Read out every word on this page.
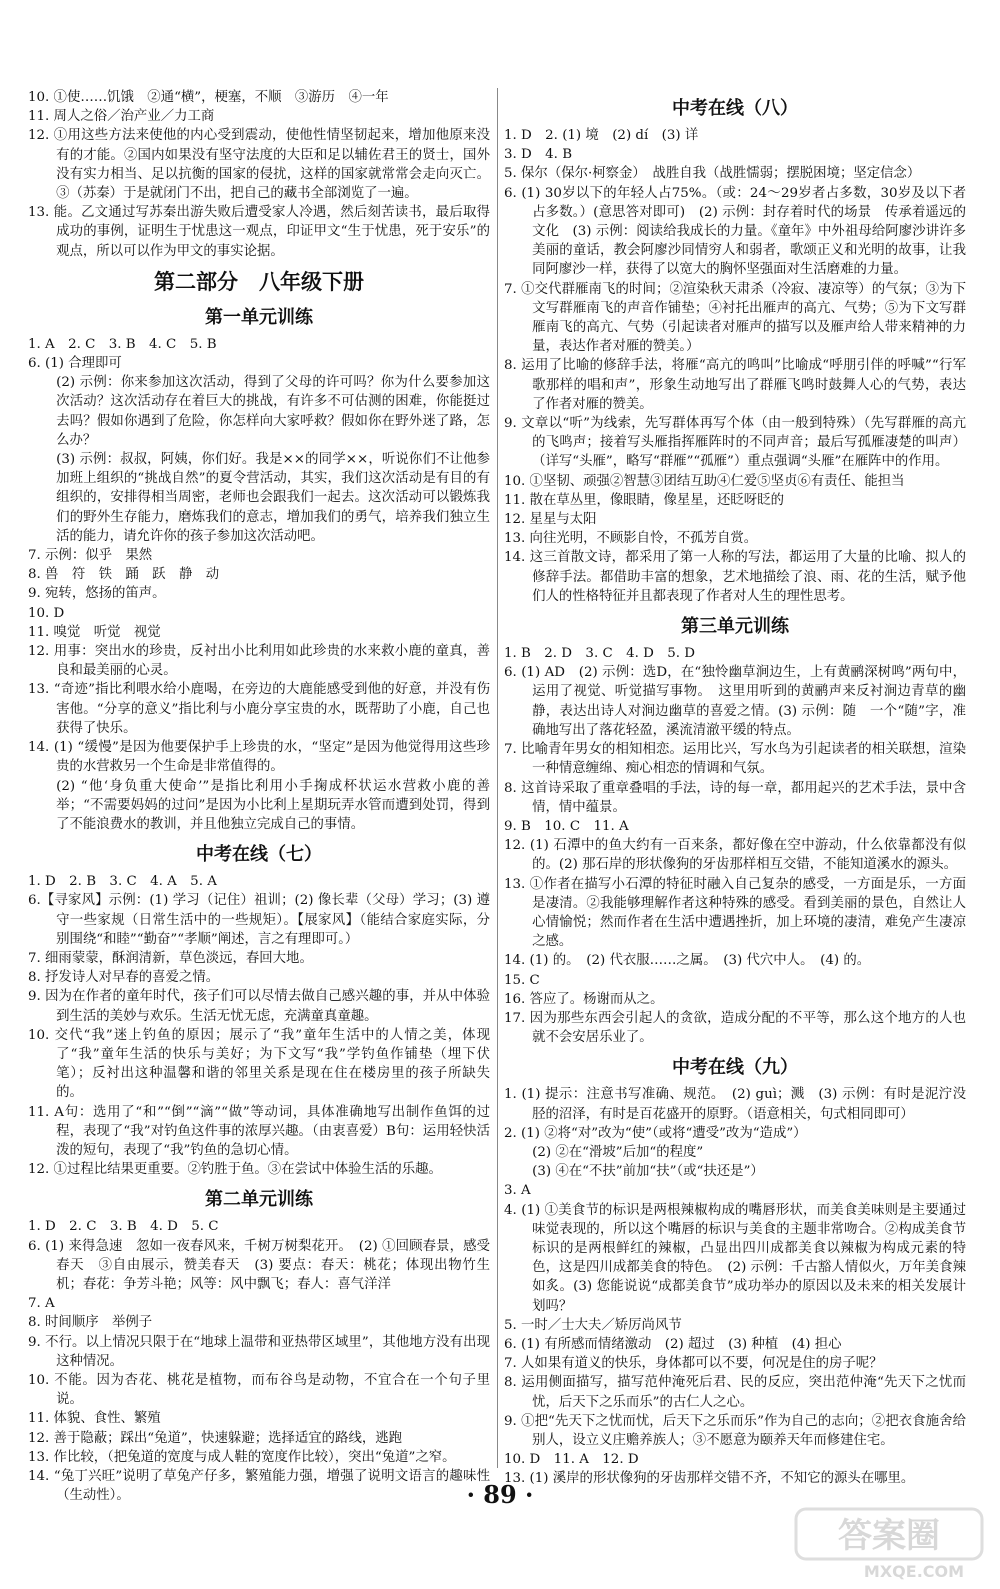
10. ①使……饥饿　②通“横”，梗塞，不顺　③游历　④一年
11. 周人之俗／治产业／力工商
12. ①用这些方法来使他的内心受到震动，使他性情坚韧起来，增加他原来没有的才能。②国内如果没有坚守法度的大臣和足以辅佐君王的贤士，国外没有实力相当、足以抗衡的国家的侵扰，这样的国家就常常会走向灭亡。③（苏秦）于是就闭门不出，把自己的藏书全部浏览了一遍。
13. 能。乙文通过写苏秦出游失败后遭受家人冷遇，然后刻苦读书，最后取得成功的事例，证明生于忧患这一观点，印证甲文“生于忧患，死于安乐”的观点，所以可以作为甲文的事实论据。
第二部分　八年级下册
第一单元训练
1. A　2. C　3. B　4. C　5. B
6. (1) 合理即可
(2) 示例：你来参加这次活动，得到了父母的许可吗？你为什么要参加这次活动？这次活动存在着巨大的挑战，有许多不可估测的困难，你能挺过去吗？假如你遇到了危险，你怎样向大家呼救？假如你在野外迷了路，怎么办？
(3) 示例：叔叔，阿姨，你们好。我是××的同学××，听说你们不让他参加班上组织的“挑战自然”的夏令营活动，其实，我们这次活动是有目的有组织的，安排得相当周密，老师也会跟我们一起去。这次活动可以锻炼我们的野外生存能力，磨炼我们的意志，增加我们的勇气，培养我们独立生活的能力，请允许你的孩子参加这次活动吧。
7. 示例：似乎　果然
8. 兽　符　铁　踊　跃　静　动
9. 宛转，悠扬的笛声。
10. D
11. 嗅觉　听觉　视觉
12. 用事：突出水的珍贵，反衬出小比利用如此珍贵的水来救小鹿的童真，善良和最美丽的心灵。
13. “奇迹”指比利喂水给小鹿喝，在旁边的大鹿能感受到他的好意，并没有伤害他。“分享的意义”指比利与小鹿分享宝贵的水，既帮助了小鹿，自己也获得了快乐。
14. (1) “缓慢”是因为他要保护手上珍贵的水，“坚定”是因为他觉得用这些珍贵的水营救另一个生命是非常值得的。
(2) “他‘身负重大使命’”是指比利用小手掬成杯状运水营救小鹿的善举；“不需要妈妈的过问”是因为小比利上星期玩弄水管而遭到处罚，得到了不能浪费水的教训，并且他独立完成自己的事情。
中考在线（七）
1. D　2. B　3. C　4. A　5. A
6.【寻家风】示例：(1) 学习（记住）祖训；(2) 像长辈（父母）学习；(3) 遵守一些家规（日常生活中的一些规矩）。【展家风】（能结合家庭实际，分别围绕“和睦”“勤奋”“孝顺”阐述，言之有理即可。）
7. 细雨蒙蒙，酥润清新，草色淡远，春回大地。
8. 抒发诗人对早春的喜爱之情。
9. 因为在作者的童年时代，孩子们可以尽情去做自己感兴趣的事，并从中体验到生活的美妙与欢乐。生活无忧无虑，充满童真童趣。
10. 交代“我”迷上钓鱼的原因；展示了“我”童年生活中的人情之美，体现了“我”童年生活的快乐与美好；为下文写“我”学钓鱼作铺垫（埋下伏笔）；反衬出这种温馨和谐的邻里关系是现在住在楼房里的孩子所缺失的。
11. A句：选用了“和”“倒”“滴”“做”等动词，具体准确地写出制作鱼饵的过程，表现了“我”对钓鱼这件事的浓厚兴趣。（由衷喜爱）B句：运用轻快活泼的短句，表现了“我”钓鱼的急切心情。
12. ①过程比结果更重要。②钓胜于鱼。③在尝试中体验生活的乐趣。
第二单元训练
1. D　2. C　3. B　4. D　5. C
6. (1) 来得急速　忽如一夜春风来，千树万树梨花开。　(2) ①回顾春景，感受春天　③自由展示，赞美春天　(3) 要点：春天：桃花；体现出物竹生机；春花：争芳斗艳；风等：风中飘飞；春人：喜气洋洋
7. A
8. 时间顺序　举例子
9. 不行。以上情况只限于在“地球上温带和亚热带区域里”，其他地方没有出现这种情况。
10. 不能。因为杏花、桃花是植物，而布谷鸟是动物，不宜合在一个句子里说。
11. 体貌、食性、繁殖
12. 善于隐蔽；踩出“兔道”，快速躲避；选择适宜的路线，逃跑
13. 作比较，（把兔道的宽度与成人鞋的宽度作比较），突出“兔道”之窄。
14. “兔丁兴旺”说明了草兔产仔多，繁殖能力强，增强了说明文语言的趣味性（生动性）。
中考在线（八）
1. D　2. (1) 境　(2) dí　(3) 详
3. D　4. B
5. 保尔（保尔·柯察金）　战胜自我（战胜懦弱；摆脱困境；坚定信念）
6. (1) 30岁以下的年轻人占75%。（或：24～29岁者占多数，30岁及以下者占多数。）(意思答对即可)　(2) 示例：封存着时代的场景　传承着遥远的文化　(3) 示例：阅读给我成长的力量。《童年》中外祖母给阿廖沙讲许多美丽的童话，教会阿廖沙同情穷人和弱者，歌颂正义和光明的故事，让我同阿廖沙一样，获得了以宽大的胸怀坚强面对生活磨难的力量。
7. ①交代群雁南飞的时间；②渲染秋天肃杀（冷寂、凄凉等）的气氛；③为下文写群雁南飞的声音作铺垫；④衬托出雁声的高亢、气势；⑤为下文写群雁南飞的高亢、气势（引起读者对雁声的描写以及雁声给人带来精神的力量，表达作者对雁的赞美。）
8. 运用了比喻的修辞手法，将雁“高亢的鸣叫”比喻成“呼朋引伴的呼喊”“行军歌那样的唱和声”，形象生动地写出了群雁飞鸣时鼓舞人心的气势，表达了作者对雁的赞美。
9. 文章以“听”为线索，先写群体再写个体（由一般到特殊）（先写群雁的高亢的飞鸣声；接着写头雁指挥雁阵时的不同声音；最后写孤雁凄楚的叫声）（详写“头雁”，略写“群雁”“孤雁”）重点强调“头雁”在雁阵中的作用。
10. ①坚韧、顽强②智慧③团结互助④仁爱⑤坚贞⑥有责任、能担当
11. 散在草丛里，像眼睛，像星星，还眨呀眨的
12. 星星与太阳
13. 向往光明，不顾影自怜，不孤芳自赏。
14. 这三首散文诗，都采用了第一人称的写法，都运用了大量的比喻、拟人的修辞手法。都借助丰富的想象，艺术地描绘了浪、雨、花的生活，赋予他们人的性格特征并且都表现了作者对人生的理性思考。
第三单元训练
1. B　2. D　3. C　4. D　5. D
6. (1) AD　(2) 示例：选D，在“独怜幽草涧边生，上有黄鹂深树鸣”两句中，运用了视觉、听觉描写事物。　这里用听到的黄鹂声来反衬涧边青草的幽静，表达出诗人对涧边幽草的喜爱之情。(3) 示例：随　一个“随”字，准确地写出了落花轻盈，溪流清澈平缓的特点。
7. 比喻青年男女的相知相恋。运用比兴，写水鸟为引起读者的相关联想，渲染一种情意缠绵、痴心相恋的情调和气氛。
8. 这首诗采取了重章叠唱的手法，诗的每一章，都用起兴的艺术手法，景中含情，情中蕴景。
9. B　10. C　11. A
12. (1) 石潭中的鱼大约有一百来条，都好像在空中游动，什么依靠都没有似的。(2) 那石岸的形状像狗的牙齿那样相互交错，不能知道溪水的源头。
13. ①作者在描写小石潭的特征时融入自己复杂的感受，一方面是乐，一方面是凄清。②我能够理解作者这种特殊的感受。看到美丽的景色，自然让人心情愉悦；然而作者在生活中遭遇挫折，加上环境的凄清，难免产生凄凉之感。
14. (1) 的。　(2) 代衣服……之属。　(3) 代穴中人。　(4) 的。
15. C
16. 答应了。杨谢而从之。
17. 因为那些东西会引起人的贪欲，造成分配的不平等，那么这个地方的人也就不会安居乐业了。
中考在线（九）
1. (1) 提示：注意书写准确、规范。　(2) guì；溅　(3) 示例：有时是泥泞没胫的沼泽，有时是百花盛开的原野。（语意相关，句式相同即可）
2. (1) ②将“对”改为“使”（或将“遭受”改为“造成”）
(2) ②在“滑坡”后加“的程度”
(3) ④在“不扶”前加“扶”（或“扶还是”）
3. A
4. (1) ①美食节的标识是两根辣椒构成的嘴唇形状，而美食美味则是主要通过味觉表现的，所以这个嘴唇的标识与美食的主题非常吻合。②构成美食节标识的是两根鲜红的辣椒，凸显出四川成都美食以辣椒为构成元素的特色，这是四川成都美食的特色。　(2) 示例：千古豁人情似火，万年美食辣如炙。(3) 您能说说“成都美食节”成功举办的原因以及未来的相关发展计划吗？
5. 一时／士大夫／矫厉尚风节
6. (1) 有所感而情绪激动　(2) 超过　(3) 种植　(4) 担心
7. 人如果有道义的快乐，身体都可以不要，何况是住的房子呢？
8. 运用侧面描写，描写范仲淹死后君、民的反应，突出范仲淹“先天下之忧而忧，后天下之乐而乐”的古仁人之心。
9. ①把“先天下之忧而忧，后天下之乐而乐”作为自己的志向；②把衣食施舍给别人，设立义庄赡养族人；③不愿意为颐养天年而修建住宅。
10. D　11. A　12. D
13. (1) 溪岸的形状像狗的牙齿那样交错不齐，不知它的源头在哪里。
· 89 ·
答案圈
MXQE.COM
